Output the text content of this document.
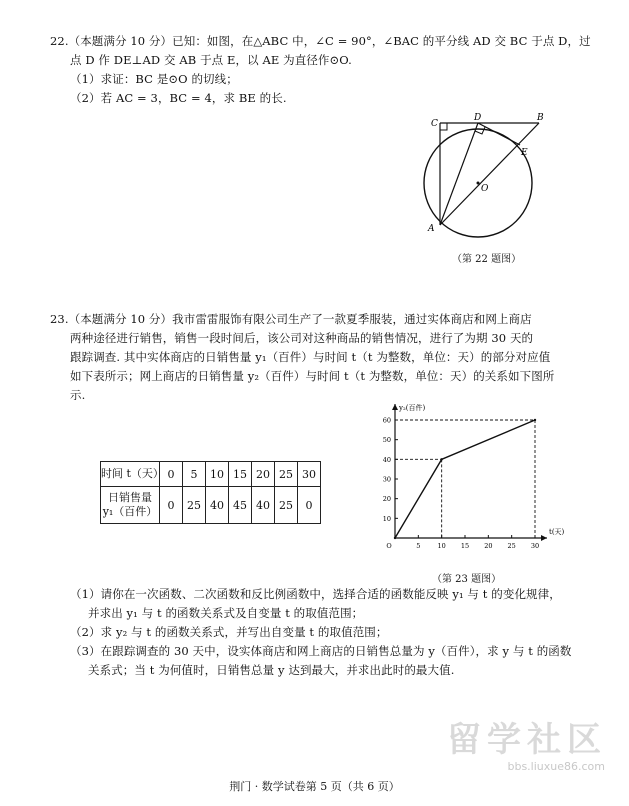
22.（本题满分 10 分）已知：如图，在△ABC 中，∠C = 90°，∠BAC 的平分线 AD 交 BC 于点 D，过
点 D 作 DE⊥AD 交 AB 于点 E，以 AE 为直径作⊙O.
（1）求证：BC 是⊙O 的切线；
（2）若 AC = 3，BC = 4，求 BE 的长.
C
D	B
E
O
A
（第 22 题图）
23.（本题满分 10 分）我市雷雷服饰有限公司生产了一款夏季服装，通过实体商店和网上商店
两种途径进行销售，销售一段时间后，该公司对这种商品的销售情况，进行了为期 30 天的
跟踪调查. 其中实体商店的日销售量 y₁（百件）与时间 t（t 为整数，单位：天）的部分对应值
如下表所示；网上商店的日销售量 y₂（百件）与时间 t（t 为整数，单位：天）的关系如下图所
示.
时间 t（天）	0	5	10	15	20	25	30

日销售量
y₁（百件）	0	25	40	45	40	25	0
5	10 15 20 25 30
10
20
30
40
50
60
O
y₂(百件)
t(天)
（第 23 题图）
（1）请你在一次函数、二次函数和反比例函数中，选择合适的函数能反映 y₁ 与 t 的变化规律，
并求出 y₁ 与 t 的函数关系式及自变量 t 的取值范围；
（2）求 y₂ 与 t 的函数关系式，并写出自变量 t 的取值范围；
（3）在跟踪调查的 30 天中，设实体商店和网上商店的日销售总量为 y（百件），求 y 与 t 的函数
关系式；当 t 为何值时，日销售总量 y 达到最大，并求出此时的最大值.
留学社区
bbs.liuxue86.com
荆门 · 数学试卷第 5 页（共 6 页）
